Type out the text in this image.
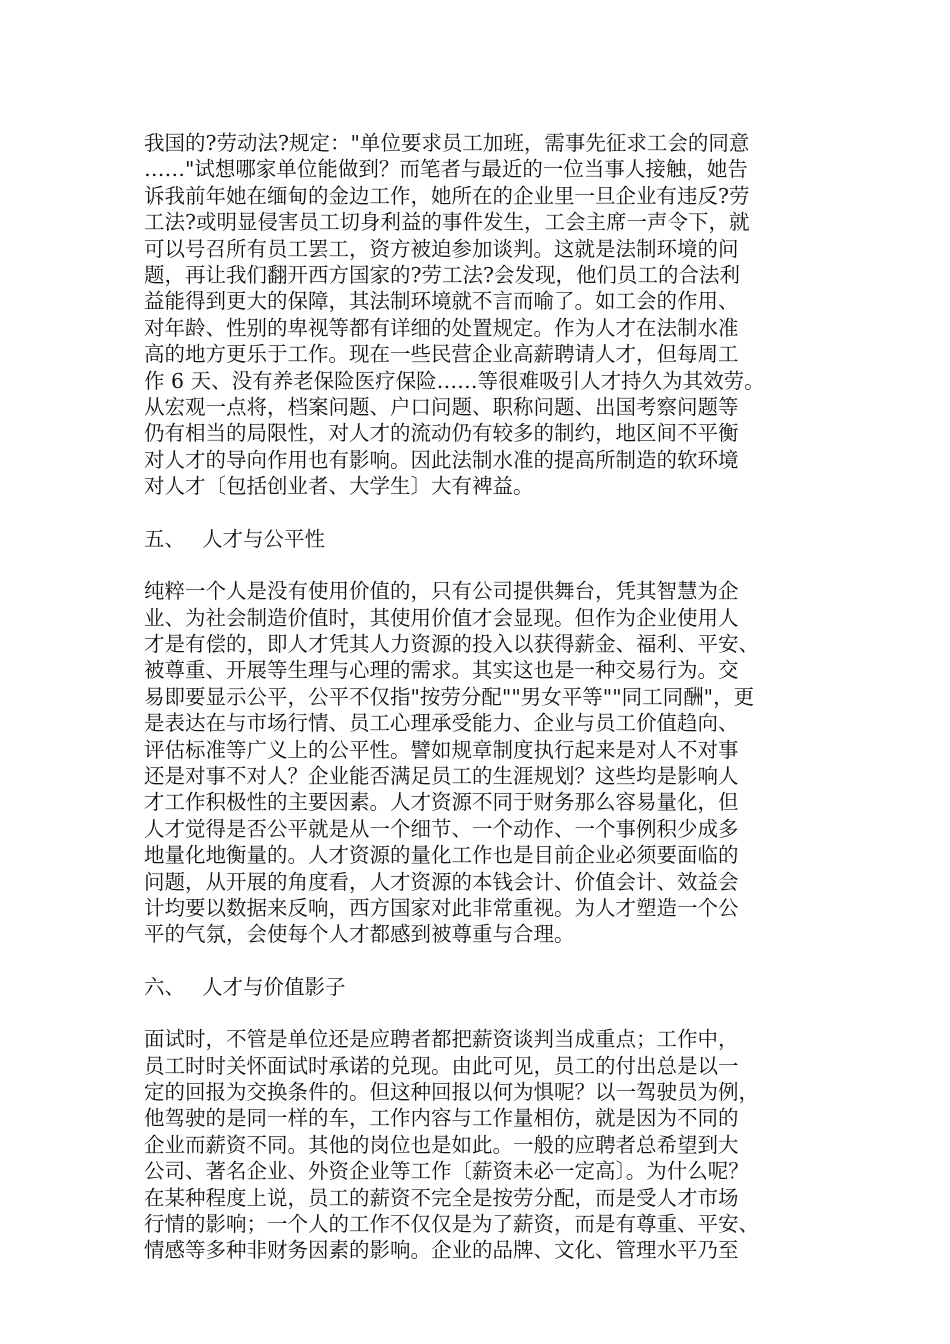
我国的?劳动法?规定："单位要求员工加班，需事先征求工会的同意
……"试想哪家单位能做到？而笔者与最近的一位当事人接触，她告
诉我前年她在缅甸的金边工作，她所在的企业里一旦企业有违反?劳
工法?或明显侵害员工切身利益的事件发生，工会主席一声令下，就
可以号召所有员工罢工，资方被迫参加谈判。这就是法制环境的问
题，再让我们翻开西方国家的?劳工法?会发现，他们员工的合法利
益能得到更大的保障，其法制环境就不言而喻了。如工会的作用、
对年龄、性别的卑视等都有详细的处置规定。作为人才在法制水准
高的地方更乐于工作。现在一些民营企业高薪聘请人才，但每周工
作 6 天、没有养老保险医疗保险……等很难吸引人才持久为其效劳。
从宏观一点将，档案问题、户口问题、职称问题、出国考察问题等
仍有相当的局限性，对人才的流动仍有较多的制约，地区间不平衡
对人才的导向作用也有影响。因此法制水准的提高所制造的软环境
对人才〔包括创业者、大学生〕大有裨益。
五、 人才与公平性
纯粹一个人是没有使用价值的，只有公司提供舞台，凭其智慧为企
业、为社会制造价值时，其使用价值才会显现。但作为企业使用人
才是有偿的，即人才凭其人力资源的投入以获得薪金、福利、平安、
被尊重、开展等生理与心理的需求。其实这也是一种交易行为。交
易即要显示公平，公平不仅指"按劳分配""男女平等""同工同酬"，更
是表达在与市场行情、员工心理承受能力、企业与员工价值趋向、
评估标准等广义上的公平性。譬如规章制度执行起来是对人不对事
还是对事不对人？企业能否满足员工的生涯规划？这些均是影响人
才工作积极性的主要因素。人才资源不同于财务那么容易量化，但
人才觉得是否公平就是从一个细节、一个动作、一个事例积少成多
地量化地衡量的。人才资源的量化工作也是目前企业必须要面临的
问题，从开展的角度看，人才资源的本钱会计、价值会计、效益会
计均要以数据来反响，西方国家对此非常重视。为人才塑造一个公
平的气氛，会使每个人才都感到被尊重与合理。
六、 人才与价值影子
面试时，不管是单位还是应聘者都把薪资谈判当成重点；工作中，
员工时时关怀面试时承诺的兑现。由此可见，员工的付出总是以一
定的回报为交换条件的。但这种回报以何为惧呢？以一驾驶员为例，
他驾驶的是同一样的车，工作内容与工作量相仿，就是因为不同的
企业而薪资不同。其他的岗位也是如此。一般的应聘者总希望到大
公司、著名企业、外资企业等工作〔薪资未必一定高〕。为什么呢？
在某种程度上说，员工的薪资不完全是按劳分配，而是受人才市场
行情的影响；一个人的工作不仅仅是为了薪资，而是有尊重、平安、
情感等多种非财务因素的影响。企业的品牌、文化、管理水平乃至
